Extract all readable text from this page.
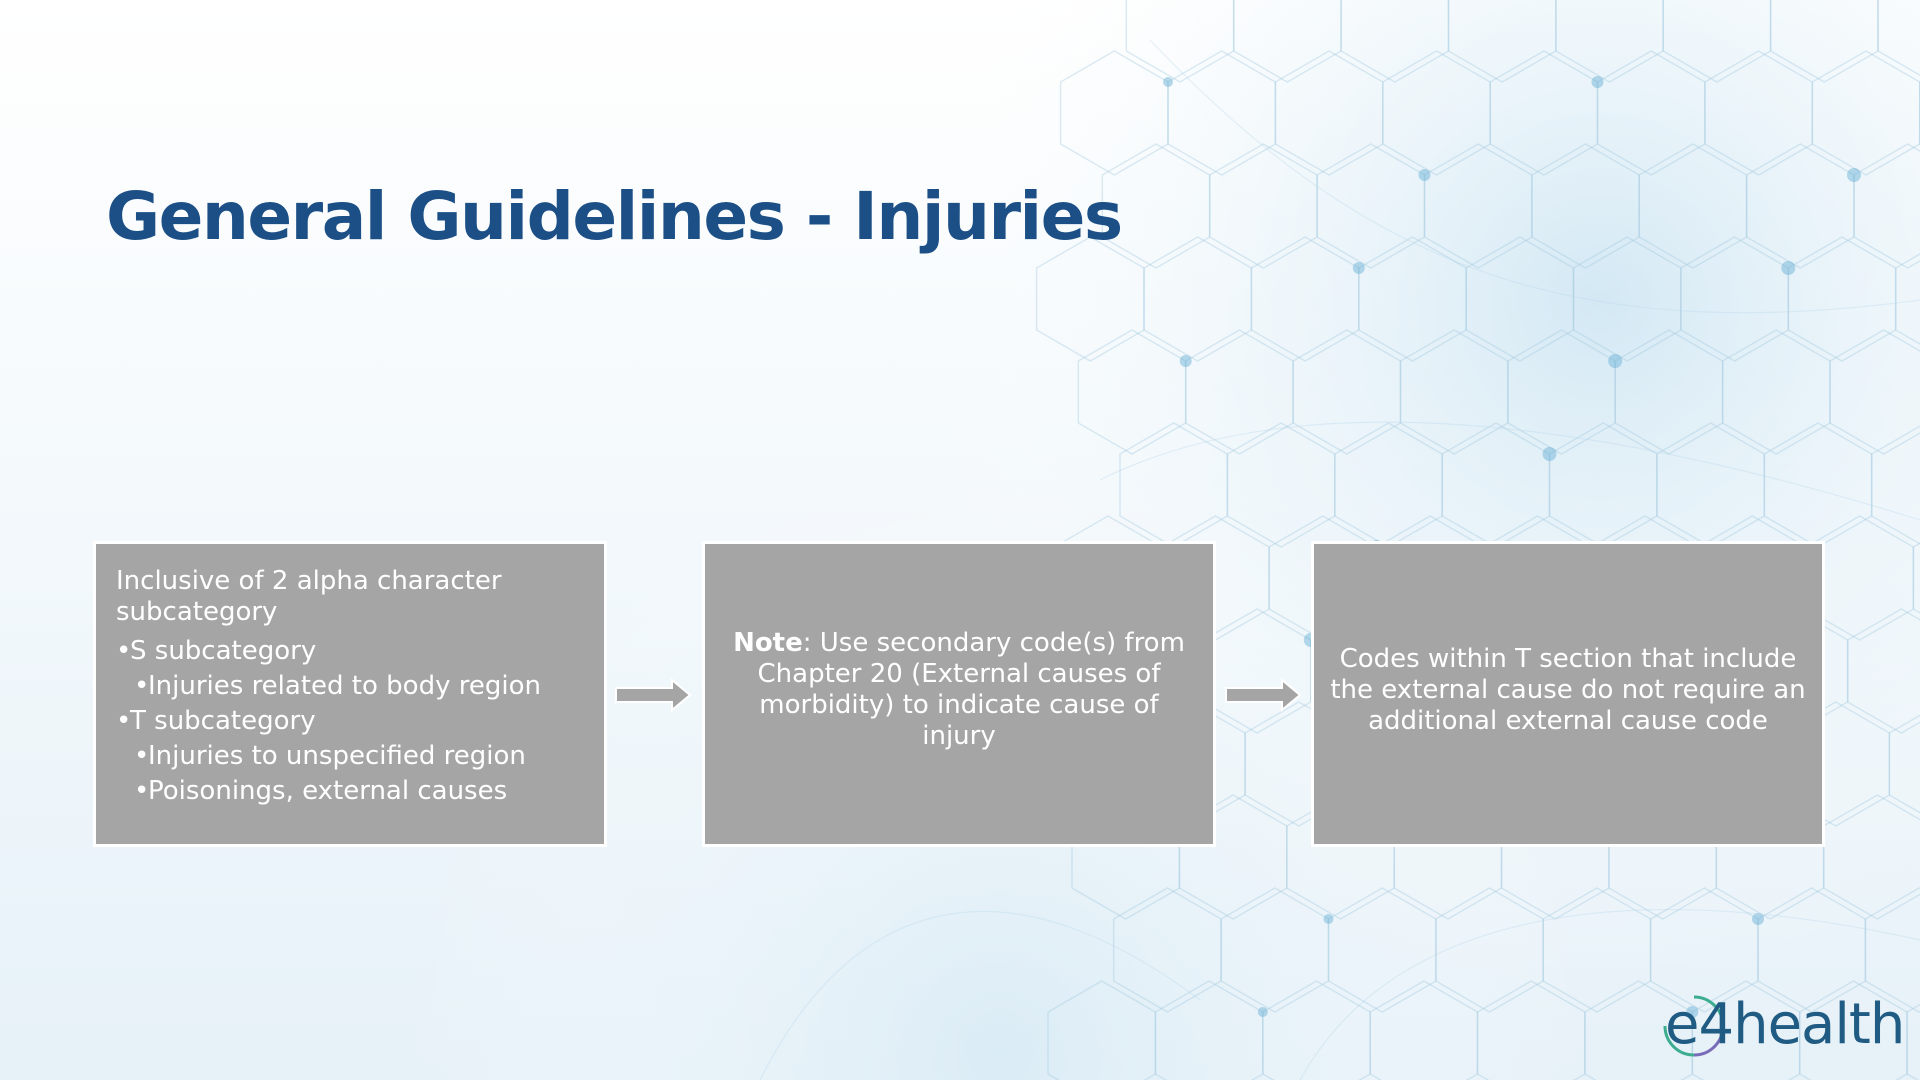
General Guidelines - Injuries
Inclusive of 2 alpha character subcategory
•S subcategory
•Injuries related to body region
•T subcategory
•Injuries to unspecified region
•Poisonings, external causes
Note: Use secondary code(s) from Chapter 20 (External causes of morbidity) to indicate cause of injury
Codes within T section that include the external cause do not require an additional external cause code
e4health
